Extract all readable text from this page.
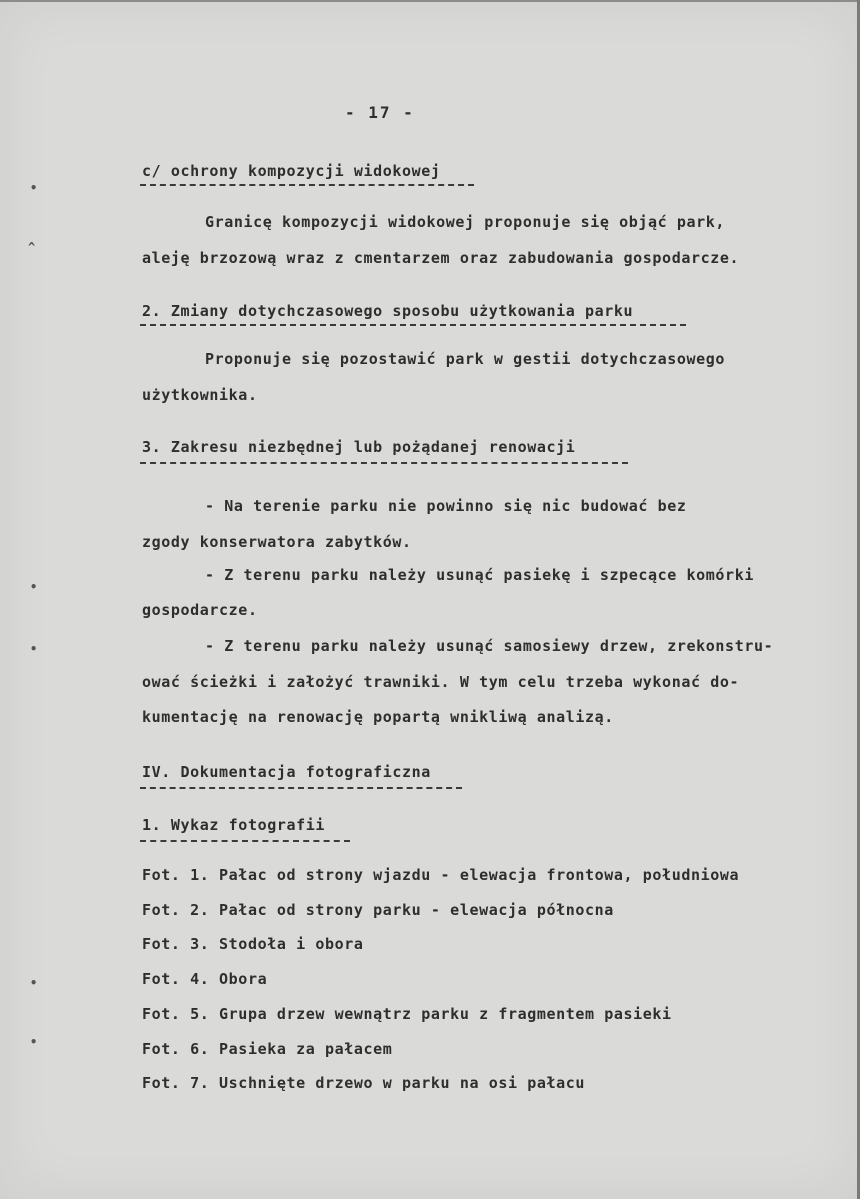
•
^
•
•
•
•
- 17 -
c/ ochrony kompozycji widokowej
Granicę kompozycji widokowej proponuje się objąć park,
aleję brzozową wraz z cmentarzem oraz zabudowania gospodarcze.
2. Zmiany dotychczasowego sposobu użytkowania parku
Proponuje się pozostawić park w gestii dotychczasowego
użytkownika.
3. Zakresu niezbędnej lub pożądanej renowacji
- Na terenie parku nie powinno się nic budować bez
zgody konserwatora zabytków.
- Z terenu parku należy usunąć pasiekę i szpecące komórki
gospodarcze.
- Z terenu parku należy usunąć samosiewy drzew, zrekonstru-
ować ścieżki i założyć trawniki. W tym celu trzeba wykonać do-
kumentację na renowację popartą wnikliwą analizą.
IV. Dokumentacja fotograficzna
1. Wykaz fotografii
Fot. 1. Pałac od strony wjazdu - elewacja frontowa, południowa
Fot. 2. Pałac od strony parku - elewacja północna
Fot. 3. Stodoła i obora
Fot. 4. Obora
Fot. 5. Grupa drzew wewnątrz parku z fragmentem pasieki
Fot. 6. Pasieka za pałacem
Fot. 7. Uschnięte drzewo w parku na osi pałacu
